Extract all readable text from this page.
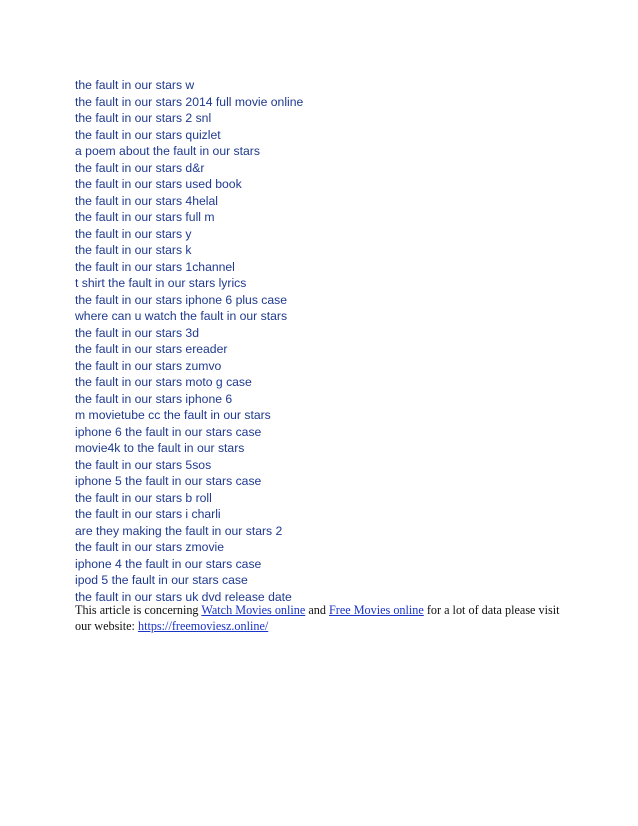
the fault in our stars w
the fault in our stars 2014 full movie online
the fault in our stars 2 snl
the fault in our stars quizlet
a poem about the fault in our stars
the fault in our stars d&r
the fault in our stars used book
the fault in our stars 4helal
the fault in our stars full m
the fault in our stars y
the fault in our stars k
the fault in our stars 1channel
t shirt the fault in our stars lyrics
the fault in our stars iphone 6 plus case
where can u watch the fault in our stars
the fault in our stars 3d
the fault in our stars ereader
the fault in our stars zumvo
the fault in our stars moto g case
the fault in our stars iphone 6
m movietube cc the fault in our stars
iphone 6 the fault in our stars case
movie4k to the fault in our stars
the fault in our stars 5sos
iphone 5 the fault in our stars case
the fault in our stars b roll
the fault in our stars i charli
are they making the fault in our stars 2
the fault in our stars zmovie
iphone 4 the fault in our stars case
ipod 5 the fault in our stars case
the fault in our stars uk dvd release date
This article is concerning Watch Movies online and Free Movies online for a lot of data please visit our website: https://freemoviesz.online/
